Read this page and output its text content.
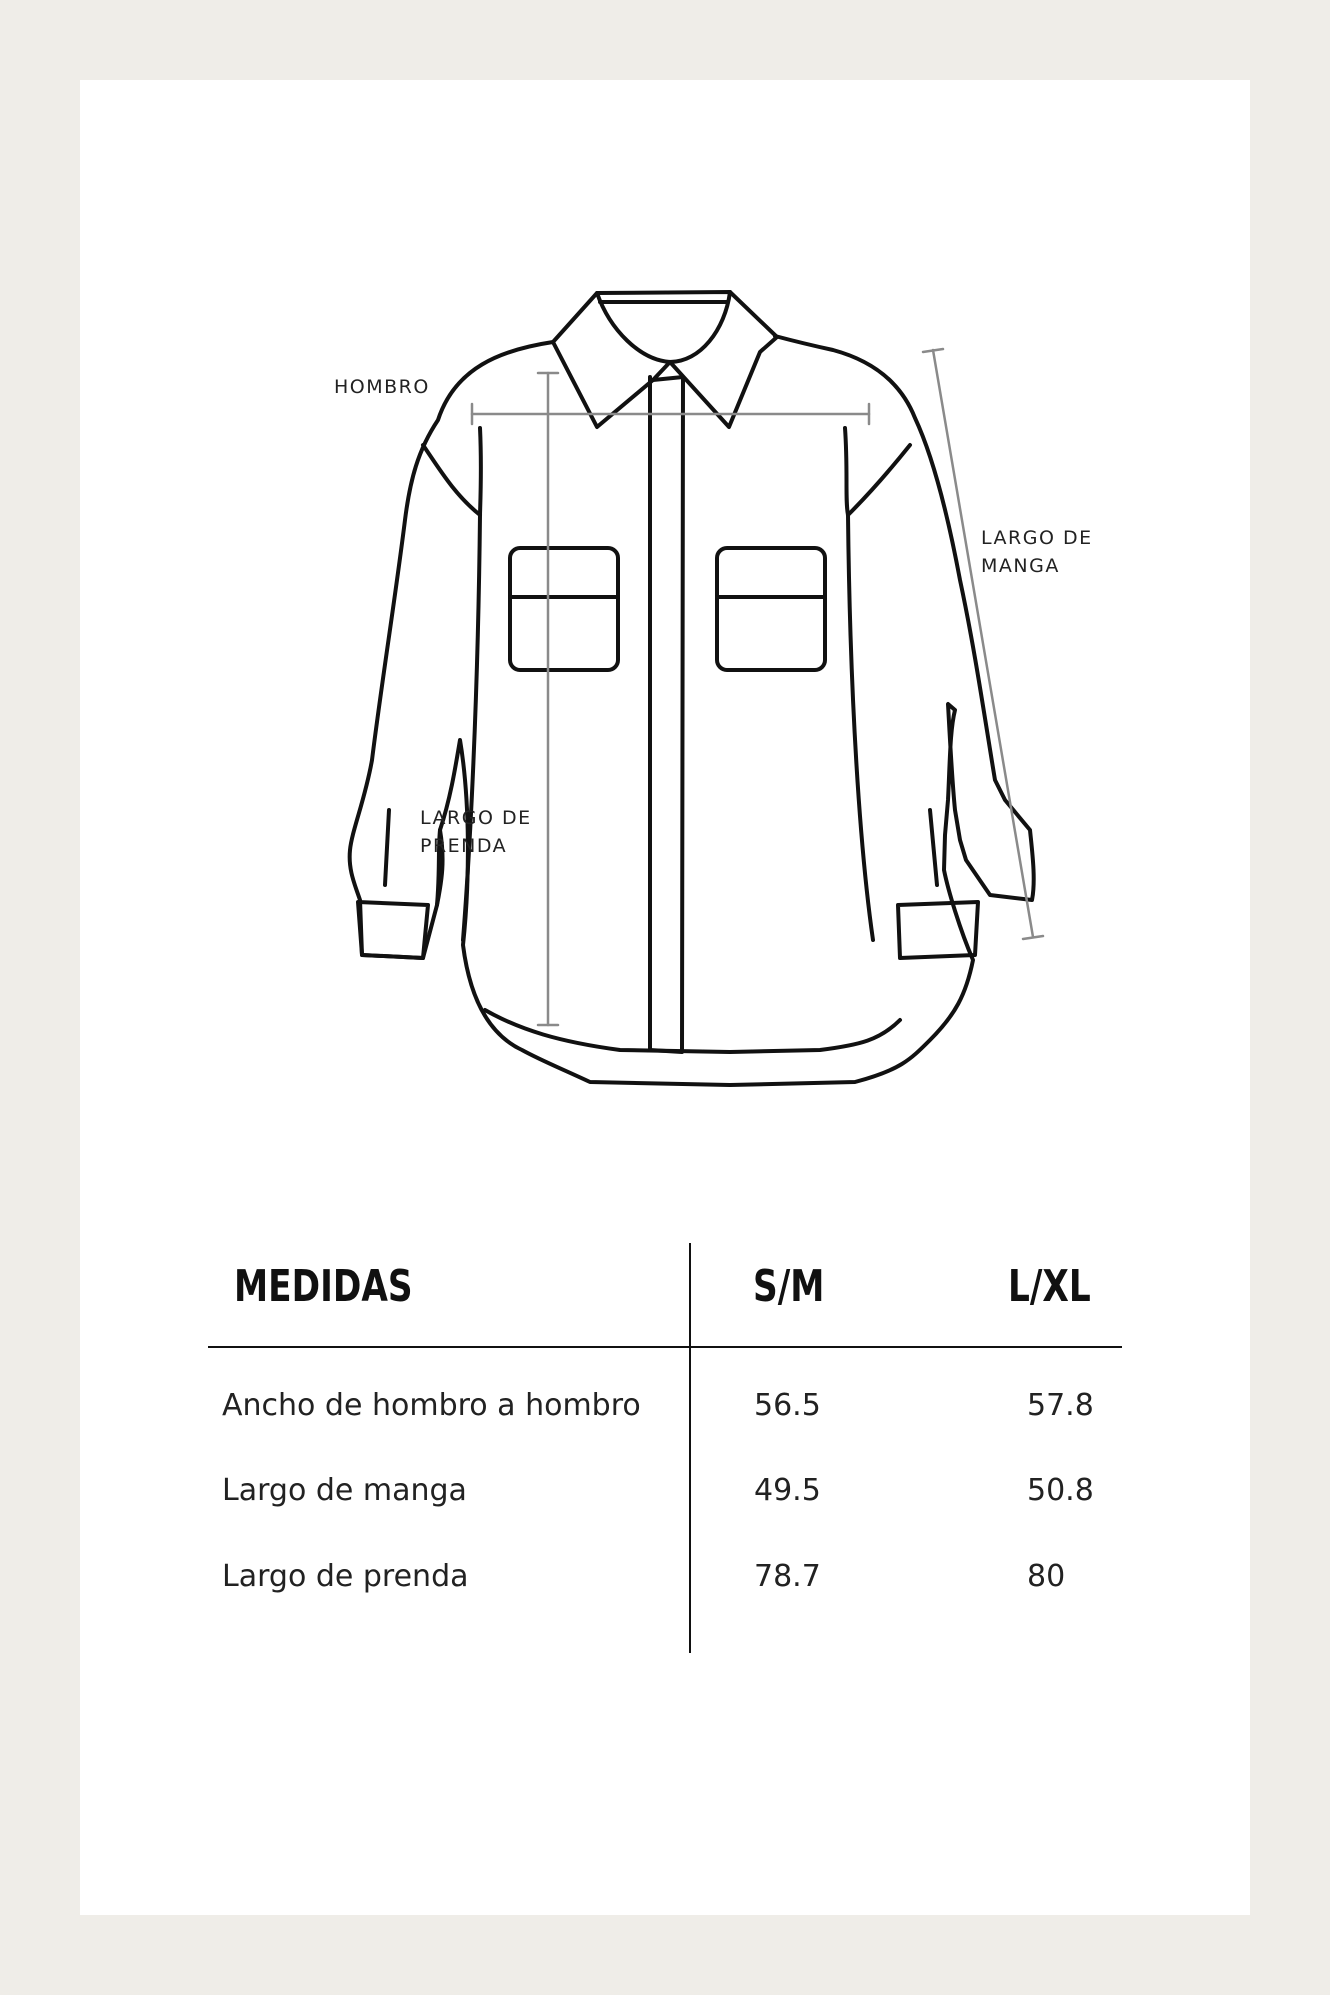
HOMBRO
LARGO DE
MANGA
LARGO DE
PRENDA
MEDIDAS	S/M	L/XL
Ancho de hombro a hombro	56.5	57.8
Largo de manga	49.5	50.8
Largo de prenda	78.7	80
